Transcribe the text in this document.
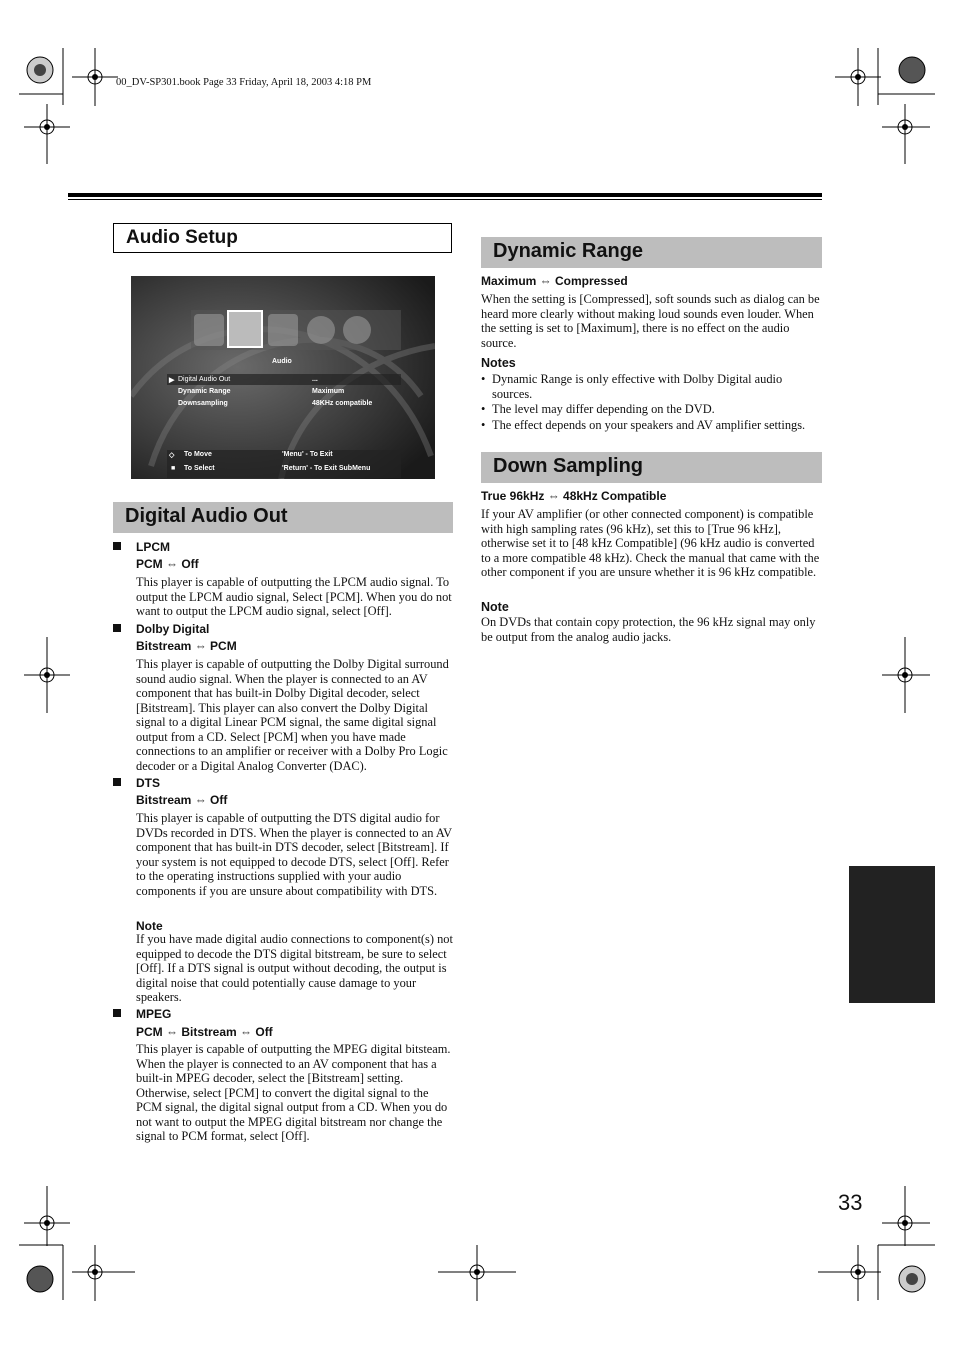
00_DV-SP301.book Page 33 Friday, April 18, 2003 4:18 PM
Audio Setup
Audio
▶ Digital Audio Out	...
Dynamic Range	Maximum
Downsampling	48KHz compatible
◇ To Move
■ To Select
'Menu' - To Exit
'Return' - To Exit SubMenu
Digital Audio Out
LPCM
PCM ⇔ Off
This player is capable of outputting the LPCM audio signal. To output the LPCM audio signal, Select [PCM]. When you do not want to output the LPCM audio signal, select [Off].
Dolby Digital
Bitstream ⇔ PCM
This player is capable of outputting the Dolby Digital surround sound audio signal. When the player is connected to an AV component that has built-in Dolby Digital decoder, select [Bitstream]. This player can also convert the Dolby Digital signal to a digital Linear PCM signal, the same digital signal output from a CD. Select [PCM] when you have made connections to an amplifier or receiver with a Dolby Pro Logic decoder or a Digital Analog Converter (DAC).
DTS
Bitstream ⇔ Off
This player is capable of outputting the DTS digital audio for DVDs recorded in DTS. When the player is connected to an AV component that has built-in DTS decoder, select [Bitstream]. If your system is not equipped to decode DTS, select [Off]. Refer to the operating instructions supplied with your audio components if you are unsure about compatibility with DTS.
Note
If you have made digital audio connections to component(s) not equipped to decode the DTS digital bitstream, be sure to select [Off]. If a DTS signal is output without decoding, the output is digital noise that could potentially cause damage to your speakers.
MPEG
PCM ⇔ Bitstream ⇔ Off
This player is capable of outputting the MPEG digital bitsteam. When the player is connected to an AV component that has a built-in MPEG decoder, select the [Bitstream] setting. Otherwise, select [PCM] to convert the digital signal to the PCM signal, the digital signal output from a CD. When you do not want to output the MPEG digital bitstream nor change the signal to PCM format, select [Off].
Dynamic Range
Maximum ⇔ Compressed
When the setting is [Compressed], soft sounds such as dialog can be heard more clearly without making loud sounds even louder. When the setting is set to [Maximum], there is no effect on the audio source.
Notes
• Dynamic Range is only effective with Dolby Digital audio sources.
• The level may differ depending on the DVD.
• The effect depends on your speakers and AV amplifier settings.
Down Sampling
True 96kHz ⇔ 48kHz Compatible
If your AV amplifier (or other connected component) is compatible with high sampling rates (96 kHz), set this to [True 96 kHz], otherwise set it to [48 kHz Compatible] (96 kHz audio is converted to a more compatible 48 kHz). Check the manual that came with the other component if you are unsure whether it is 96 kHz compatible.
Note
On DVDs that contain copy protection, the 96 kHz signal may only be output from the analog audio jacks.
33
